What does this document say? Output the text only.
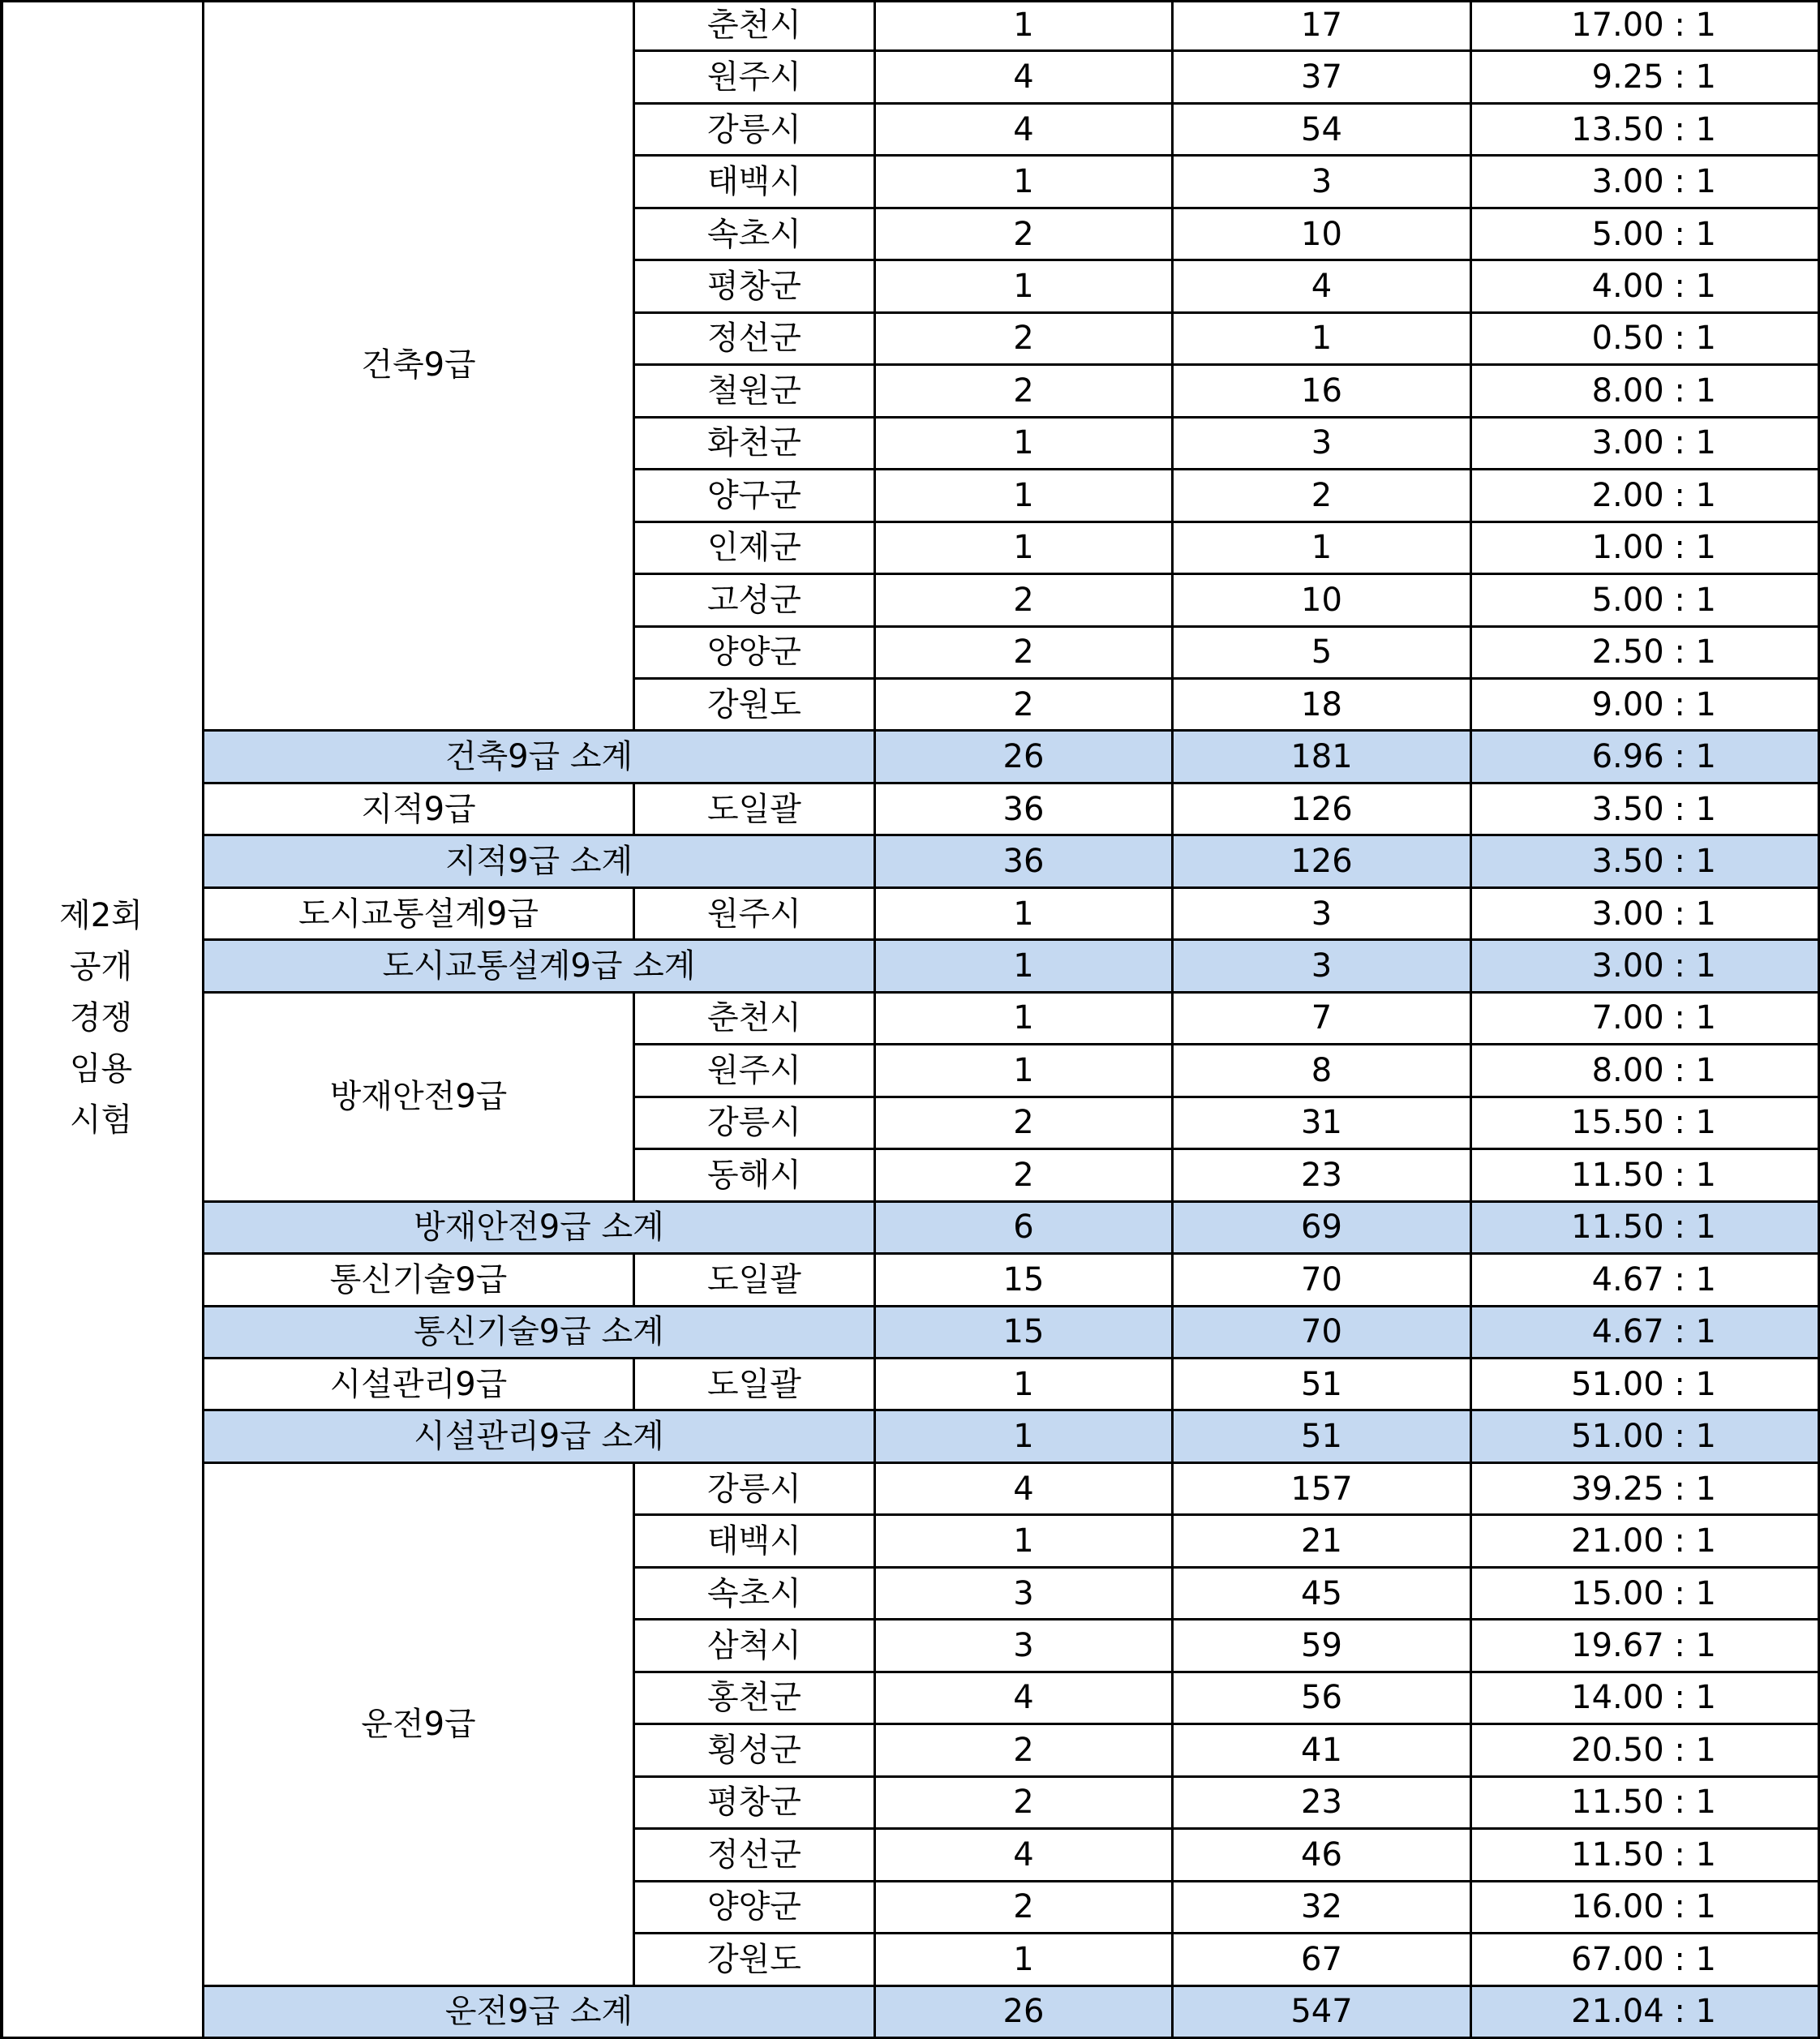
제2회
공개
경쟁
임용
시험
건축9급
춘천시	1	17	17.00 : 1
원주시	4	37	9.25 : 1
강릉시	4	54	13.50 : 1
태백시	1	3	3.00 : 1
속초시	2	10	5.00 : 1
평창군	1	4	4.00 : 1
정선군	2	1	0.50 : 1
철원군	2	16	8.00 : 1
화천군	1	3	3.00 : 1
양구군	1	2	2.00 : 1
인제군	1	1	1.00 : 1
고성군	2	10	5.00 : 1
양양군	2	5	2.50 : 1
강원도	2	18	9.00 : 1
건축9급 소계	26	181	6.96 : 1
지적9급	도일괄	36	126	3.50 : 1
지적9급 소계	36	126	3.50 : 1
도시교통설계9급	원주시	1	3	3.00 : 1
도시교통설계9급 소계	1	3	3.00 : 1
방재안전9급
춘천시	1	7	7.00 : 1
원주시	1	8	8.00 : 1
강릉시	2	31	15.50 : 1
동해시	2	23	11.50 : 1
방재안전9급 소계	6	69	11.50 : 1
통신기술9급	도일괄	15	70	4.67 : 1
통신기술9급 소계	15	70	4.67 : 1
시설관리9급	도일괄	1	51	51.00 : 1
시설관리9급 소계	1	51	51.00 : 1
운전9급
강릉시	4	157	39.25 : 1
태백시	1	21	21.00 : 1
속초시	3	45	15.00 : 1
삼척시	3	59	19.67 : 1
홍천군	4	56	14.00 : 1
횡성군	2	41	20.50 : 1
평창군	2	23	11.50 : 1
정선군	4	46	11.50 : 1
양양군	2	32	16.00 : 1
강원도	1	67	67.00 : 1
운전9급 소계	26	547	21.04 : 1
